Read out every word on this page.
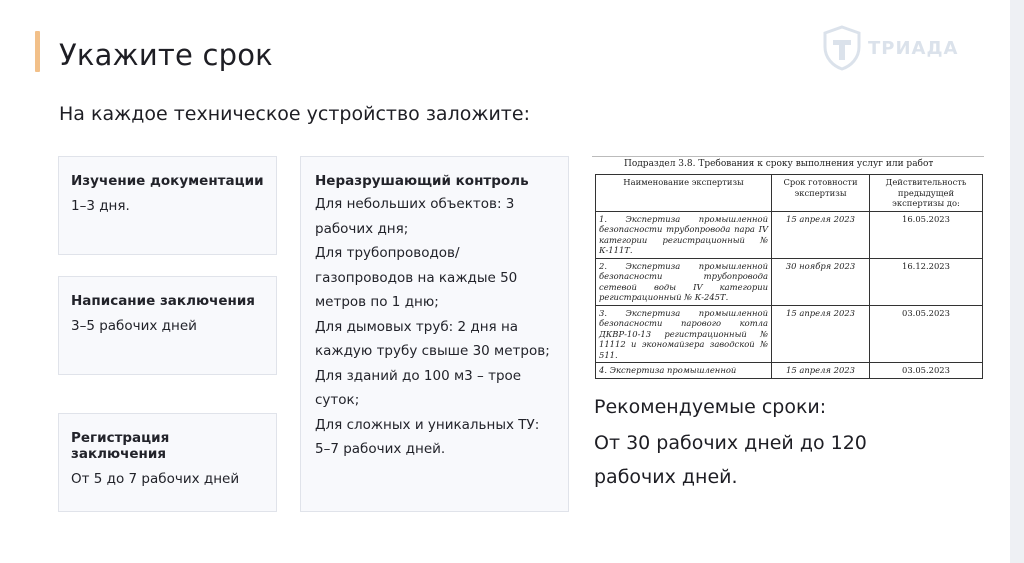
Укажите срок
На каждое техническое устройство заложите:
ТРИАДА
Изучение документации
1–3 дня.
Написание заключения
3–5 рабочих дней
Регистрация заключения
От 5 до 7 рабочих дней
Неразрушающий контроль
Для небольших объектов: 3 рабочих дня;
Для трубопроводов/газопроводов на каждые 50 метров по 1 дню;
Для дымовых труб: 2 дня на каждую трубу свыше 30 метров;
Для зданий до 100 м3 – трое суток;
Для сложных и уникальных ТУ: 5–7 рабочих дней.
Подраздел 3.8. Требования к сроку выполнения услуг или работ
Наименование экспертизы	Срок готовности экспертизы	Действительность предыдущей экспертизы до:
1. Экспертиза промышленной безопасности трубопровода пара IV категории регистрационный № К-111Т.	15 апреля 2023	16.05.2023
2. Экспертиза промышленной безопасности трубопровода сетевой воды IV категории регистрационный № К-245Т.	30 ноября 2023	16.12.2023
3. Экспертиза промышленной безопасности парового котла ДКВР-10-13 регистрационный № 11112 и экономайзера заводской № 511.	15 апреля 2023	03.05.2023
4. Экспертиза промышленной	15 апреля 2023	03.05.2023
Рекомендуемые сроки:
От 30 рабочих дней до 120 рабочих дней.
